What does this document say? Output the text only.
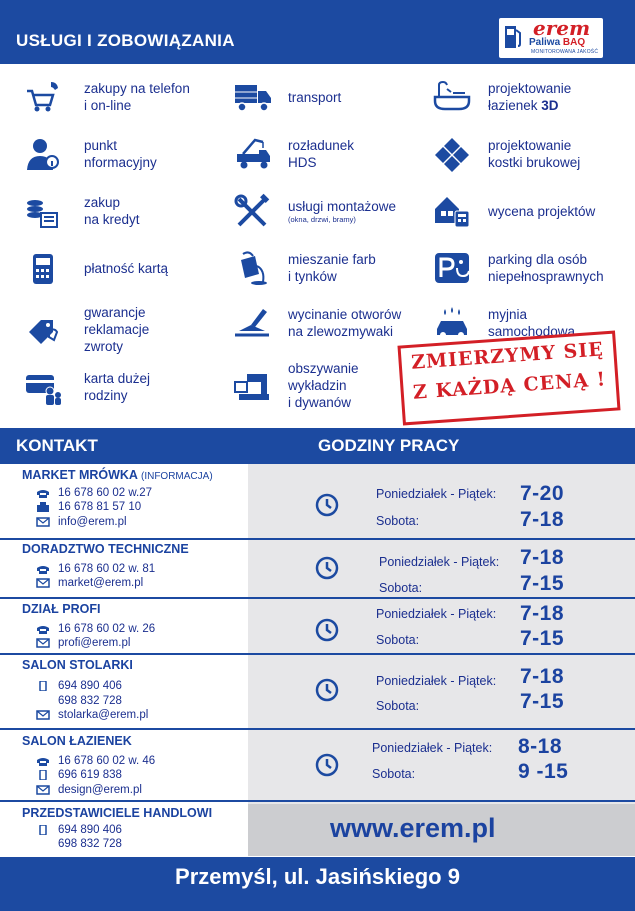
USŁUGI I ZOBOWIĄZANIA
erem
Paliwa BAQ
MONITOROWANA JAKOŚĆ
zakupy na telefon
i on-line
punkt
nformacyjny
zakup
na kredyt
płatność kartą
gwarancje
reklamacje
zwroty
karta dużej
rodziny
transport
rozładunek
HDS
usługi montażowe
(okna, drzwi, bramy)
mieszanie farb
i tynków
wycinanie otworów
na zlewozmywaki
obszywanie
wykładzin
i dywanów
projektowanie
łazienek 3D
projektowanie
kostki brukowej
wycena projektów
parking dla osób
niepełnosprawnych
myjnia
samochodowa
ZMIERZYMY SIĘ
Z KAŻDĄ CENĄ !
KONTAKT	GODZINY PRACY
MARKET MRÓWKA (INFORMACJA)
16 678 60 02 w.27
16 678 81 57 10
info@erem.pl
Poniedziałek - Piątek: 7-20
Sobota:	7-18
DORADZTWO TECHNICZNE
16 678 60 02 w. 81
market@erem.pl
Poniedziałek - Piątek: 7-18
Sobota:	7-15
DZIAŁ PROFI
16 678 60 02 w. 26
profi@erem.pl
Poniedziałek - Piątek: 7-18
Sobota:	7-15
SALON STOLARKI
694 890 406
698 832 728
stolarka@erem.pl
Poniedziałek - Piątek: 7-18
Sobota:	7-15
SALON ŁAZIENEK
16 678 60 02 w. 46
696 619 838
design@erem.pl
Poniedziałek - Piątek: 8-18
Sobota:	9 -15
PRZEDSTAWICIELE HANDLOWI
694 890 406
698 832 728
www.erem.pl
Przemyśl, ul. Jasińskiego 9
